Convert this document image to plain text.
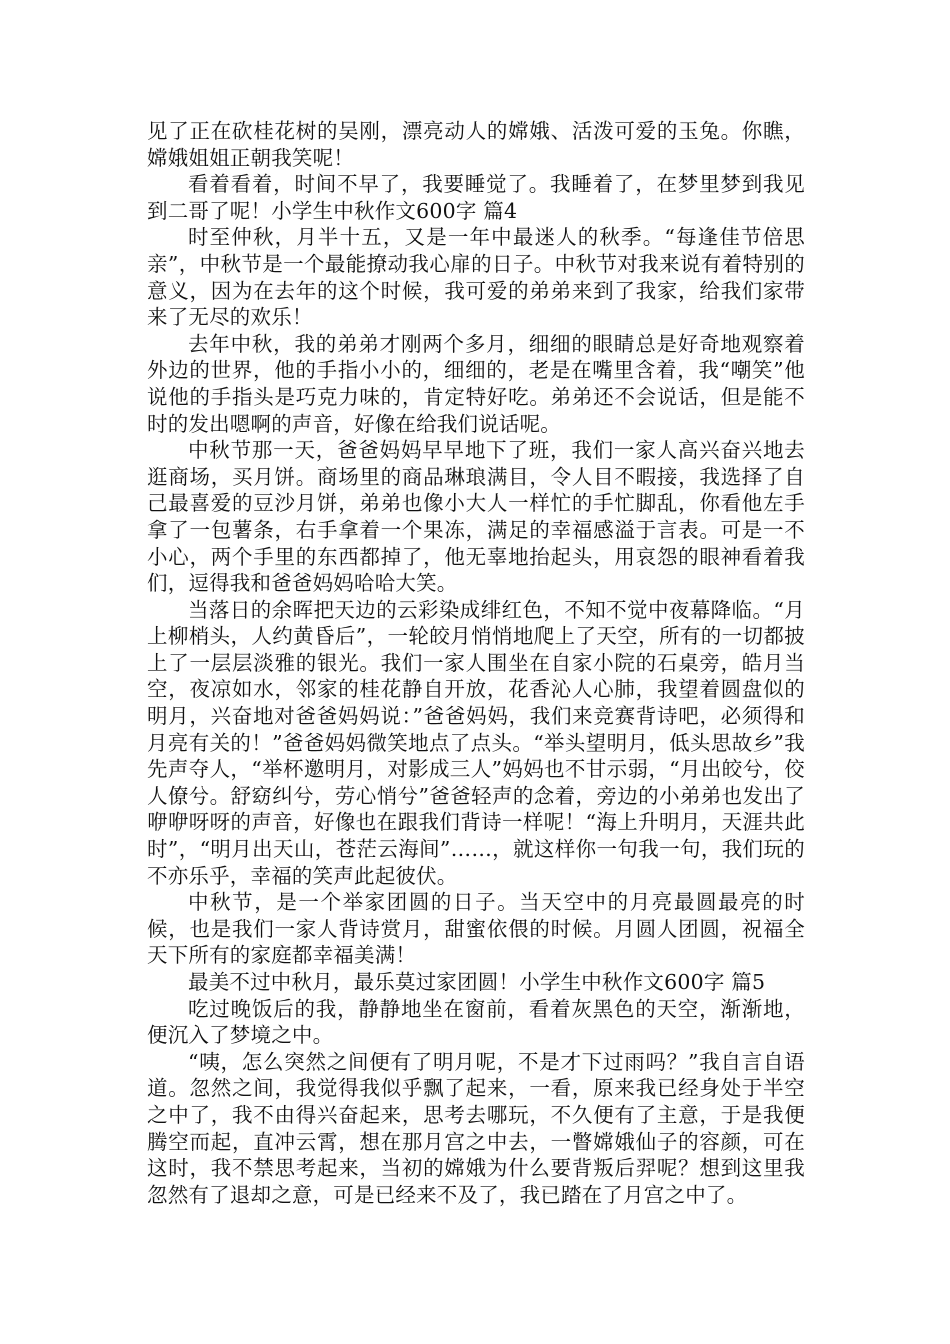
见了正在砍桂花树的吴刚，漂亮动人的嫦娥、活泼可爱的玉兔。你瞧，嫦娥姐姐正朝我笑呢！

看着看着，时间不早了，我要睡觉了。我睡着了，在梦里梦到我见到二哥了呢！小学生中秋作文600字 篇4

时至仲秋，月半十五，又是一年中最迷人的秋季。“每逢佳节倍思亲”，中秋节是一个最能撩动我心扉的日子。中秋节对我来说有着特别的意义，因为在去年的这个时候，我可爱的弟弟来到了我家，给我们家带来了无尽的欢乐！

去年中秋，我的弟弟才刚两个多月，细细的眼睛总是好奇地观察着外边的世界，他的手指小小的，细细的，老是在嘴里含着，我“嘲笑”他说他的手指头是巧克力味的，肯定特好吃。弟弟还不会说话，但是能不时的发出嗯啊的声音，好像在给我们说话呢。

中秋节那一天，爸爸妈妈早早地下了班，我们一家人高兴奋兴地去逛商场，买月饼。商场里的商品琳琅满目，令人目不暇接，我选择了自己最喜爱的豆沙月饼，弟弟也像小大人一样忙的手忙脚乱，你看他左手拿了一包薯条，右手拿着一个果冻，满足的幸福感溢于言表。可是一不小心，两个手里的东西都掉了，他无辜地抬起头，用哀怨的眼神看着我们，逗得我和爸爸妈妈哈哈大笑。

当落日的余晖把天边的云彩染成绯红色，不知不觉中夜幕降临。“月上柳梢头，人约黄昏后”，一轮皎月悄悄地爬上了天空，所有的一切都披上了一层层淡雅的银光。我们一家人围坐在自家小院的石桌旁，皓月当空，夜凉如水，邻家的桂花静自开放，花香沁人心肺，我望着圆盘似的明月，兴奋地对爸爸妈妈说：”爸爸妈妈，我们来竞赛背诗吧，必须得和月亮有关的！”爸爸妈妈微笑地点了点头。“举头望明月，低头思故乡”我先声夺人，“举杯邀明月，对影成三人”妈妈也不甘示弱，“月出皎兮，佼人僚兮。舒窈纠兮，劳心悄兮”爸爸轻声的念着，旁边的小弟弟也发出了咿咿呀呀的声音，好像也在跟我们背诗一样呢！“海上升明月，天涯共此时”，“明月出天山，苍茫云海间”……，就这样你一句我一句，我们玩的不亦乐乎，幸福的笑声此起彼伏。

中秋节，是一个举家团圆的日子。当天空中的月亮最圆最亮的时候，也是我们一家人背诗赏月，甜蜜依偎的时候。月圆人团圆，祝福全天下所有的家庭都幸福美满！

最美不过中秋月，最乐莫过家团圆！小学生中秋作文600字 篇5

吃过晚饭后的我，静静地坐在窗前，看着灰黑色的天空，渐渐地，便沉入了梦境之中。

“咦，怎么突然之间便有了明月呢，不是才下过雨吗？”我自言自语道。忽然之间，我觉得我似乎飘了起来，一看，原来我已经身处于半空之中了，我不由得兴奋起来，思考去哪玩，不久便有了主意，于是我便腾空而起，直冲云霄，想在那月宫之中去，一瞥嫦娥仙子的容颜，可在这时，我不禁思考起来，当初的嫦娥为什么要背叛后羿呢？想到这里我忽然有了退却之意，可是已经来不及了，我已踏在了月宫之中了。
